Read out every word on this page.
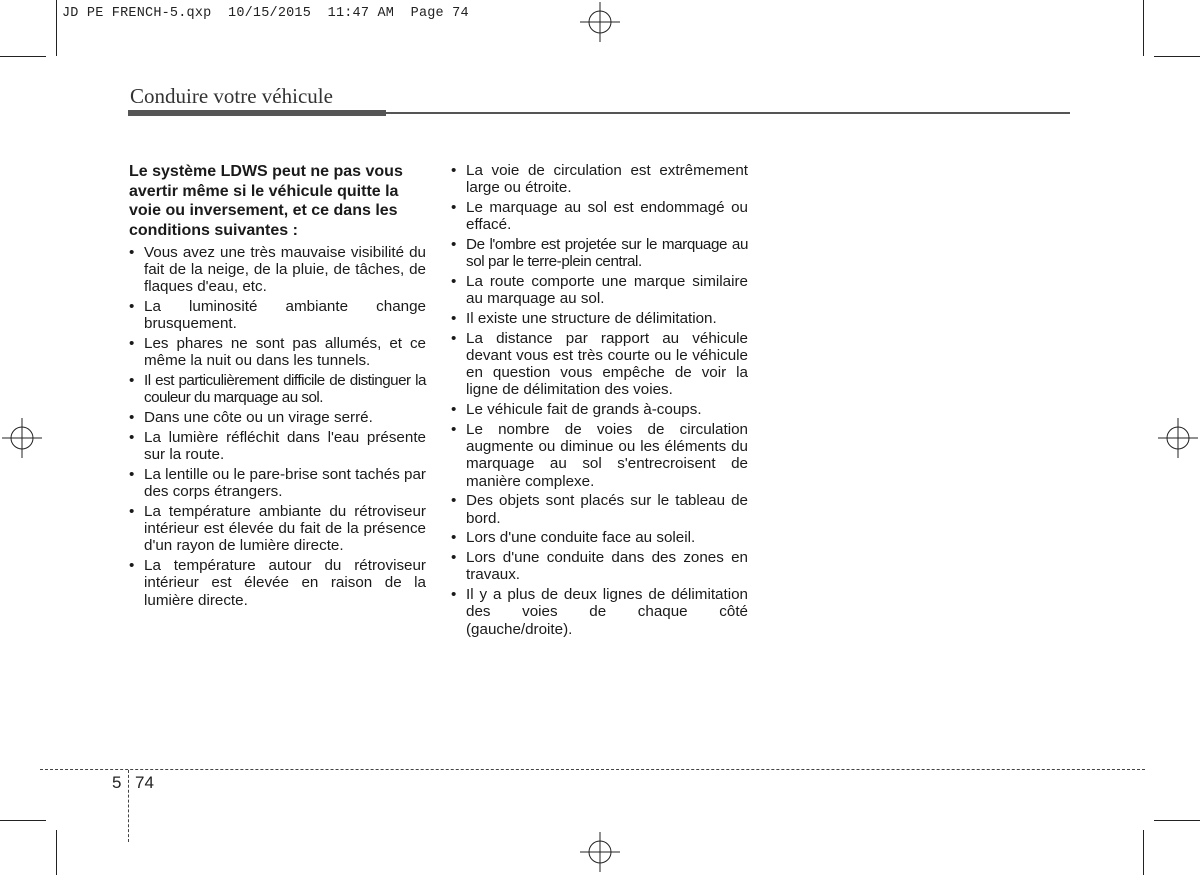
JD PE FRENCH-5.qxp  10/15/2015  11:47 AM  Page 74
Conduire votre véhicule

Le système LDWS peut ne pas vous avertir même si le véhicule quitte la voie ou inversement, et ce dans les conditions suivantes :

• Vous avez une très mauvaise visibilité du fait de la neige, de la pluie, de tâches, de flaques d'eau, etc.
• La luminosité ambiante change brusquement.
• Les phares ne sont pas allumés, et ce même la nuit ou dans les tunnels.
• Il est particulièrement difficile de distinguer la couleur du marquage au sol.
• Dans une côte ou un virage serré.
• La lumière réfléchit dans l'eau présente sur la route.
• La lentille ou le pare-brise sont tachés par des corps étrangers.
• La température ambiante du rétroviseur intérieur est élevée du fait de la présence d'un rayon de lumière directe.
• La température autour du rétroviseur intérieur est élevée en raison de la lumière directe.
• La voie de circulation est extrêmement large ou étroite.
• Le marquage au sol est endommagé ou effacé.
• De l'ombre est projetée sur le marquage au sol par le terre-plein central.
• La route comporte une marque similaire au marquage au sol.
• Il existe une structure de délimitation.
• La distance par rapport au véhicule devant vous est très courte ou le véhicule en question vous empêche de voir la ligne de délimitation des voies.
• Le véhicule fait de grands à-coups.
• Le nombre de voies de circulation augmente ou diminue ou les éléments du marquage au sol s'entrecroisent de manière complexe.
• Des objets sont placés sur le tableau de bord.
• Lors d'une conduite face au soleil.
• Lors d'une conduite dans des zones en travaux.
• Il y a plus de deux lignes de délimitation des voies de chaque côté (gauche/droite).
5 74
